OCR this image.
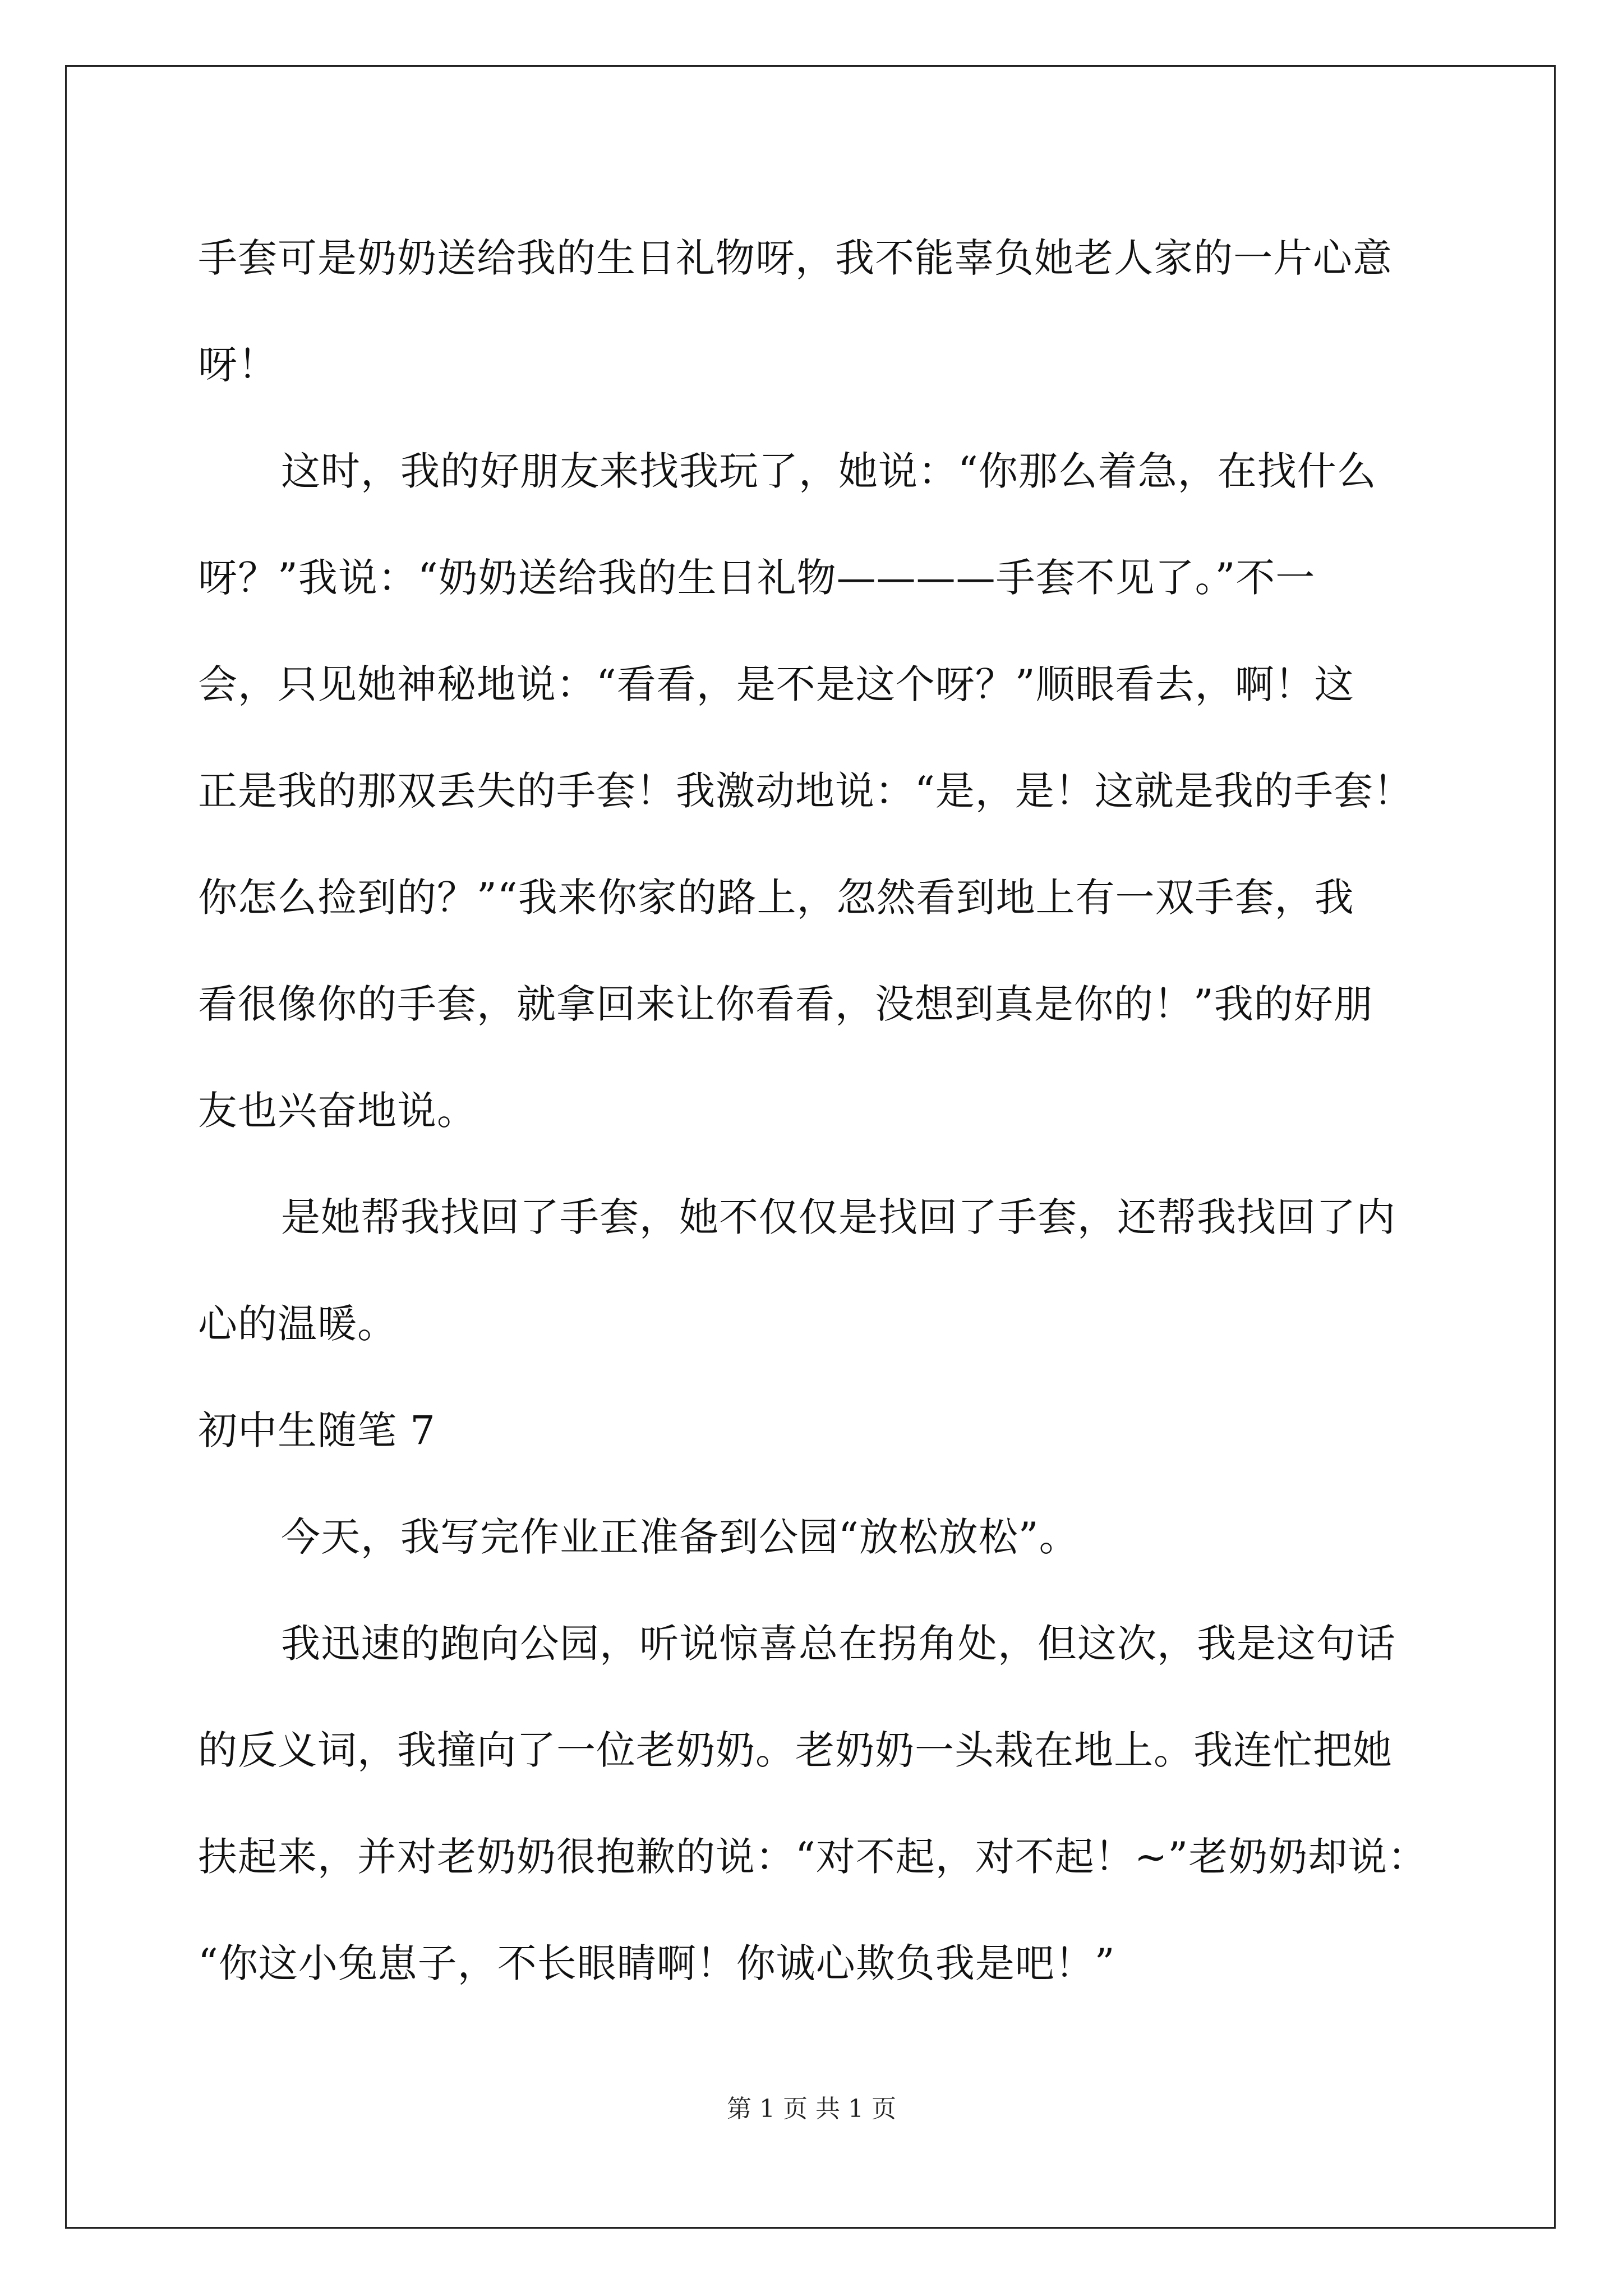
手套可是奶奶送给我的生日礼物呀，我不能辜负她老人家的一片心意
呀！
这时，我的好朋友来找我玩了，她说：“你那么着急，在找什么
呀？”我说：“奶奶送给我的生日礼物————手套不见了。”不一
会，只见她神秘地说：“看看，是不是这个呀？”顺眼看去，啊！这
正是我的那双丢失的手套！我激动地说：“是，是！这就是我的手套！
你怎么捡到的？”“我来你家的路上，忽然看到地上有一双手套，我
看很像你的手套，就拿回来让你看看，没想到真是你的！”我的好朋
友也兴奋地说。
是她帮我找回了手套，她不仅仅是找回了手套，还帮我找回了内
心的温暖。
初中生随笔 7
今天，我写完作业正准备到公园“放松放松”。
我迅速的跑向公园，听说惊喜总在拐角处，但这次，我是这句话
的反义词，我撞向了一位老奶奶。老奶奶一头栽在地上。我连忙把她
扶起来，并对老奶奶很抱歉的说：“对不起，对不起！~”老奶奶却说：
“你这小兔崽子，不长眼睛啊！你诚心欺负我是吧！”
第 1 页 共 1 页
